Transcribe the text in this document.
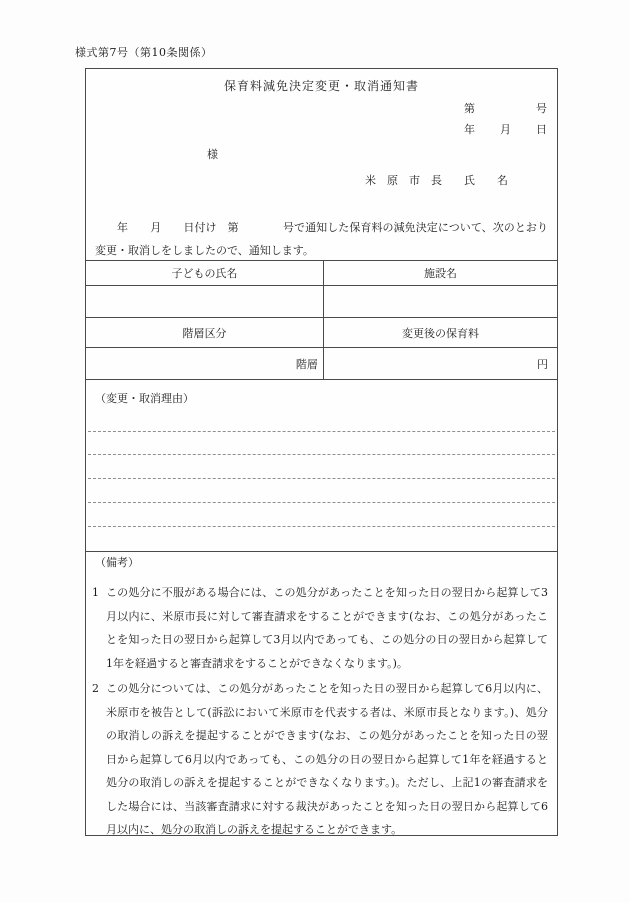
様式第7号（第10条関係）
保育料減免決定変更・取消通知書
第　　　　　号
年　　月　　日
様
米　原　市　長　　氏　　名

年　　月　　日付け　第　　　　号で通知した保育料の減免決定について、次のとおり変更・取消しをしましたので、通知します。

子どもの氏名	施設名

階層区分	変更後の保育料
階層	円
（変更・取消理由）
（備考）
1 この処分に不服がある場合には、この処分があったことを知った日の翌日から起算して3月以内に、米原市長に対して審査請求をすることができます(なお、この処分があったことを知った日の翌日から起算して3月以内であっても、この処分の日の翌日から起算して1年を経過すると審査請求をすることができなくなります。)。

2 この処分については、この処分があったことを知った日の翌日から起算して6月以内に、米原市を被告として(訴訟において米原市を代表する者は、米原市長となります。)、処分の取消しの訴えを提起することができます(なお、この処分があったことを知った日の翌日から起算して6月以内であっても、この処分の日の翌日から起算して1年を経過すると処分の取消しの訴えを提起することができなくなります。)。ただし、上記1の審査請求をした場合には、当該審査請求に対する裁決があったことを知った日の翌日から起算して6月以内に、処分の取消しの訴えを提起することができます。
